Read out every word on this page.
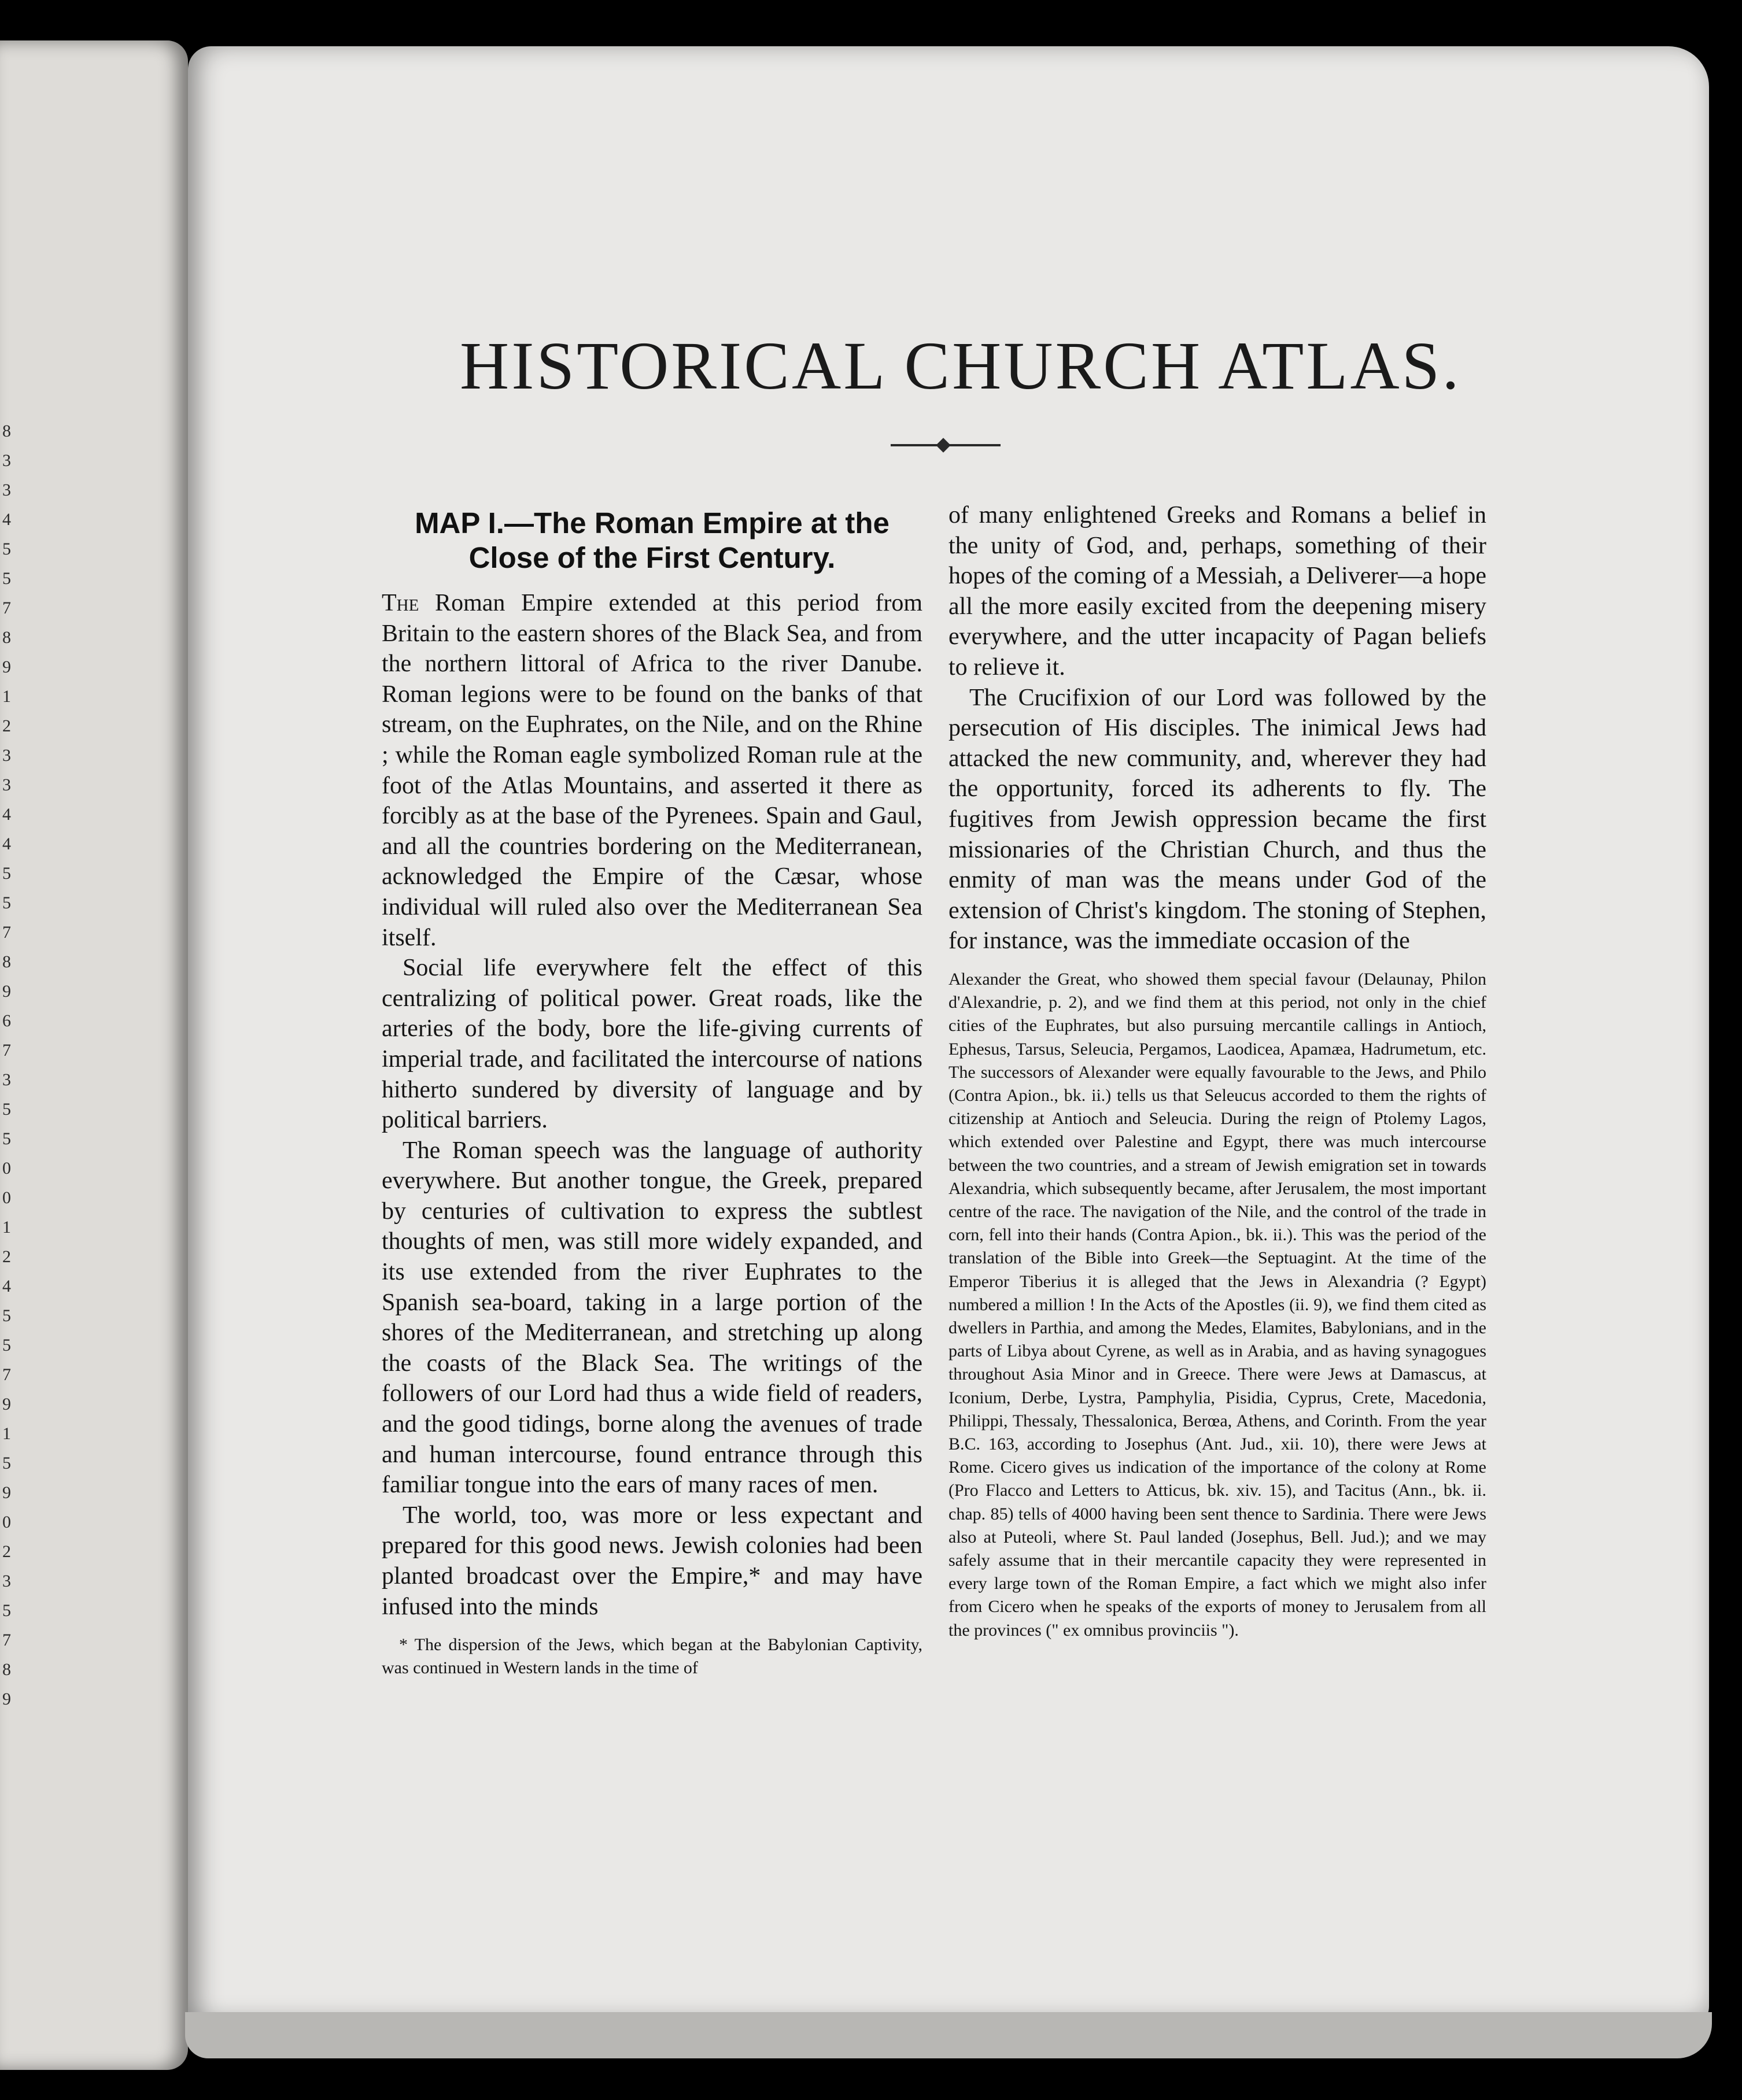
8
3
3
4
5
5
7
8
9
1
2
3
3
4
4
5
5
7
8
9
6
7
3
5
5
0
0
1
2
4
5
5
7
9
1
5
9
0
2
3
5
7
8
9
HISTORICAL CHURCH ATLAS.
MAP I.—The Roman Empire at the Close of the First Century.

The Roman Empire extended at this period from Britain to the eastern shores of the Black Sea, and from the northern littoral of Africa to the river Danube. Roman legions were to be found on the banks of that stream, on the Euphrates, on the Nile, and on the Rhine ; while the Roman eagle symbolized Roman rule at the foot of the Atlas Mountains, and asserted it there as forcibly as at the base of the Pyrenees. Spain and Gaul, and all the countries bordering on the Mediterranean, acknowledged the Empire of the Cæsar, whose individual will ruled also over the Mediterranean Sea itself.

Social life everywhere felt the effect of this centralizing of political power. Great roads, like the arteries of the body, bore the life-giving currents of imperial trade, and facilitated the intercourse of nations hitherto sundered by diversity of language and by political barriers.

The Roman speech was the language of authority everywhere. But another tongue, the Greek, prepared by centuries of cultivation to express the subtlest thoughts of men, was still more widely expanded, and its use extended from the river Euphrates to the Spanish sea-board, taking in a large portion of the shores of the Mediterranean, and stretching up along the coasts of the Black Sea. The writings of the followers of our Lord had thus a wide field of readers, and the good tidings, borne along the avenues of trade and human intercourse, found entrance through this familiar tongue into the ears of many races of men.

The world, too, was more or less expectant and prepared for this good news. Jewish colonies had been planted broadcast over the Empire,* and may have infused into the minds

* The dispersion of the Jews, which began at the Babylonian Captivity, was continued in Western lands in the time of

of many enlightened Greeks and Romans a belief in the unity of God, and, perhaps, something of their hopes of the coming of a Messiah, a Deliverer—a hope all the more easily excited from the deepening misery everywhere, and the utter incapacity of Pagan beliefs to relieve it.

The Crucifixion of our Lord was followed by the persecution of His disciples. The inimical Jews had attacked the new community, and, wherever they had the opportunity, forced its adherents to fly. The fugitives from Jewish oppression became the first missionaries of the Christian Church, and thus the enmity of man was the means under God of the extension of Christ's kingdom. The stoning of Stephen, for instance, was the immediate occasion of the

Alexander the Great, who showed them special favour (Delaunay, Philon d'Alexandrie, p. 2), and we find them at this period, not only in the chief cities of the Euphrates, but also pursuing mercantile callings in Antioch, Ephesus, Tarsus, Seleucia, Pergamos, Laodicea, Apamæa, Hadrumetum, etc. The successors of Alexander were equally favourable to the Jews, and Philo (Contra Apion., bk. ii.) tells us that Seleucus accorded to them the rights of citizenship at Antioch and Seleucia. During the reign of Ptolemy Lagos, which extended over Palestine and Egypt, there was much intercourse between the two countries, and a stream of Jewish emigration set in towards Alexandria, which subsequently became, after Jerusalem, the most important centre of the race. The navigation of the Nile, and the control of the trade in corn, fell into their hands (Contra Apion., bk. ii.). This was the period of the translation of the Bible into Greek—the Septuagint. At the time of the Emperor Tiberius it is alleged that the Jews in Alexandria (? Egypt) numbered a million ! In the Acts of the Apostles (ii. 9), we find them cited as dwellers in Parthia, and among the Medes, Elamites, Babylonians, and in the parts of Libya about Cyrene, as well as in Arabia, and as having synagogues throughout Asia Minor and in Greece. There were Jews at Damascus, at Iconium, Derbe, Lystra, Pamphylia, Pisidia, Cyprus, Crete, Macedonia, Philippi, Thessaly, Thessalonica, Berœa, Athens, and Corinth. From the year B.C. 163, according to Josephus (Ant. Jud., xii. 10), there were Jews at Rome. Cicero gives us indication of the importance of the colony at Rome (Pro Flacco and Letters to Atticus, bk. xiv. 15), and Tacitus (Ann., bk. ii. chap. 85) tells of 4000 having been sent thence to Sardinia. There were Jews also at Puteoli, where St. Paul landed (Josephus, Bell. Jud.); and we may safely assume that in their mercantile capacity they were represented in every large town of the Roman Empire, a fact which we might also infer from Cicero when he speaks of the exports of money to Jerusalem from all the provinces (" ex omnibus provinciis ").
